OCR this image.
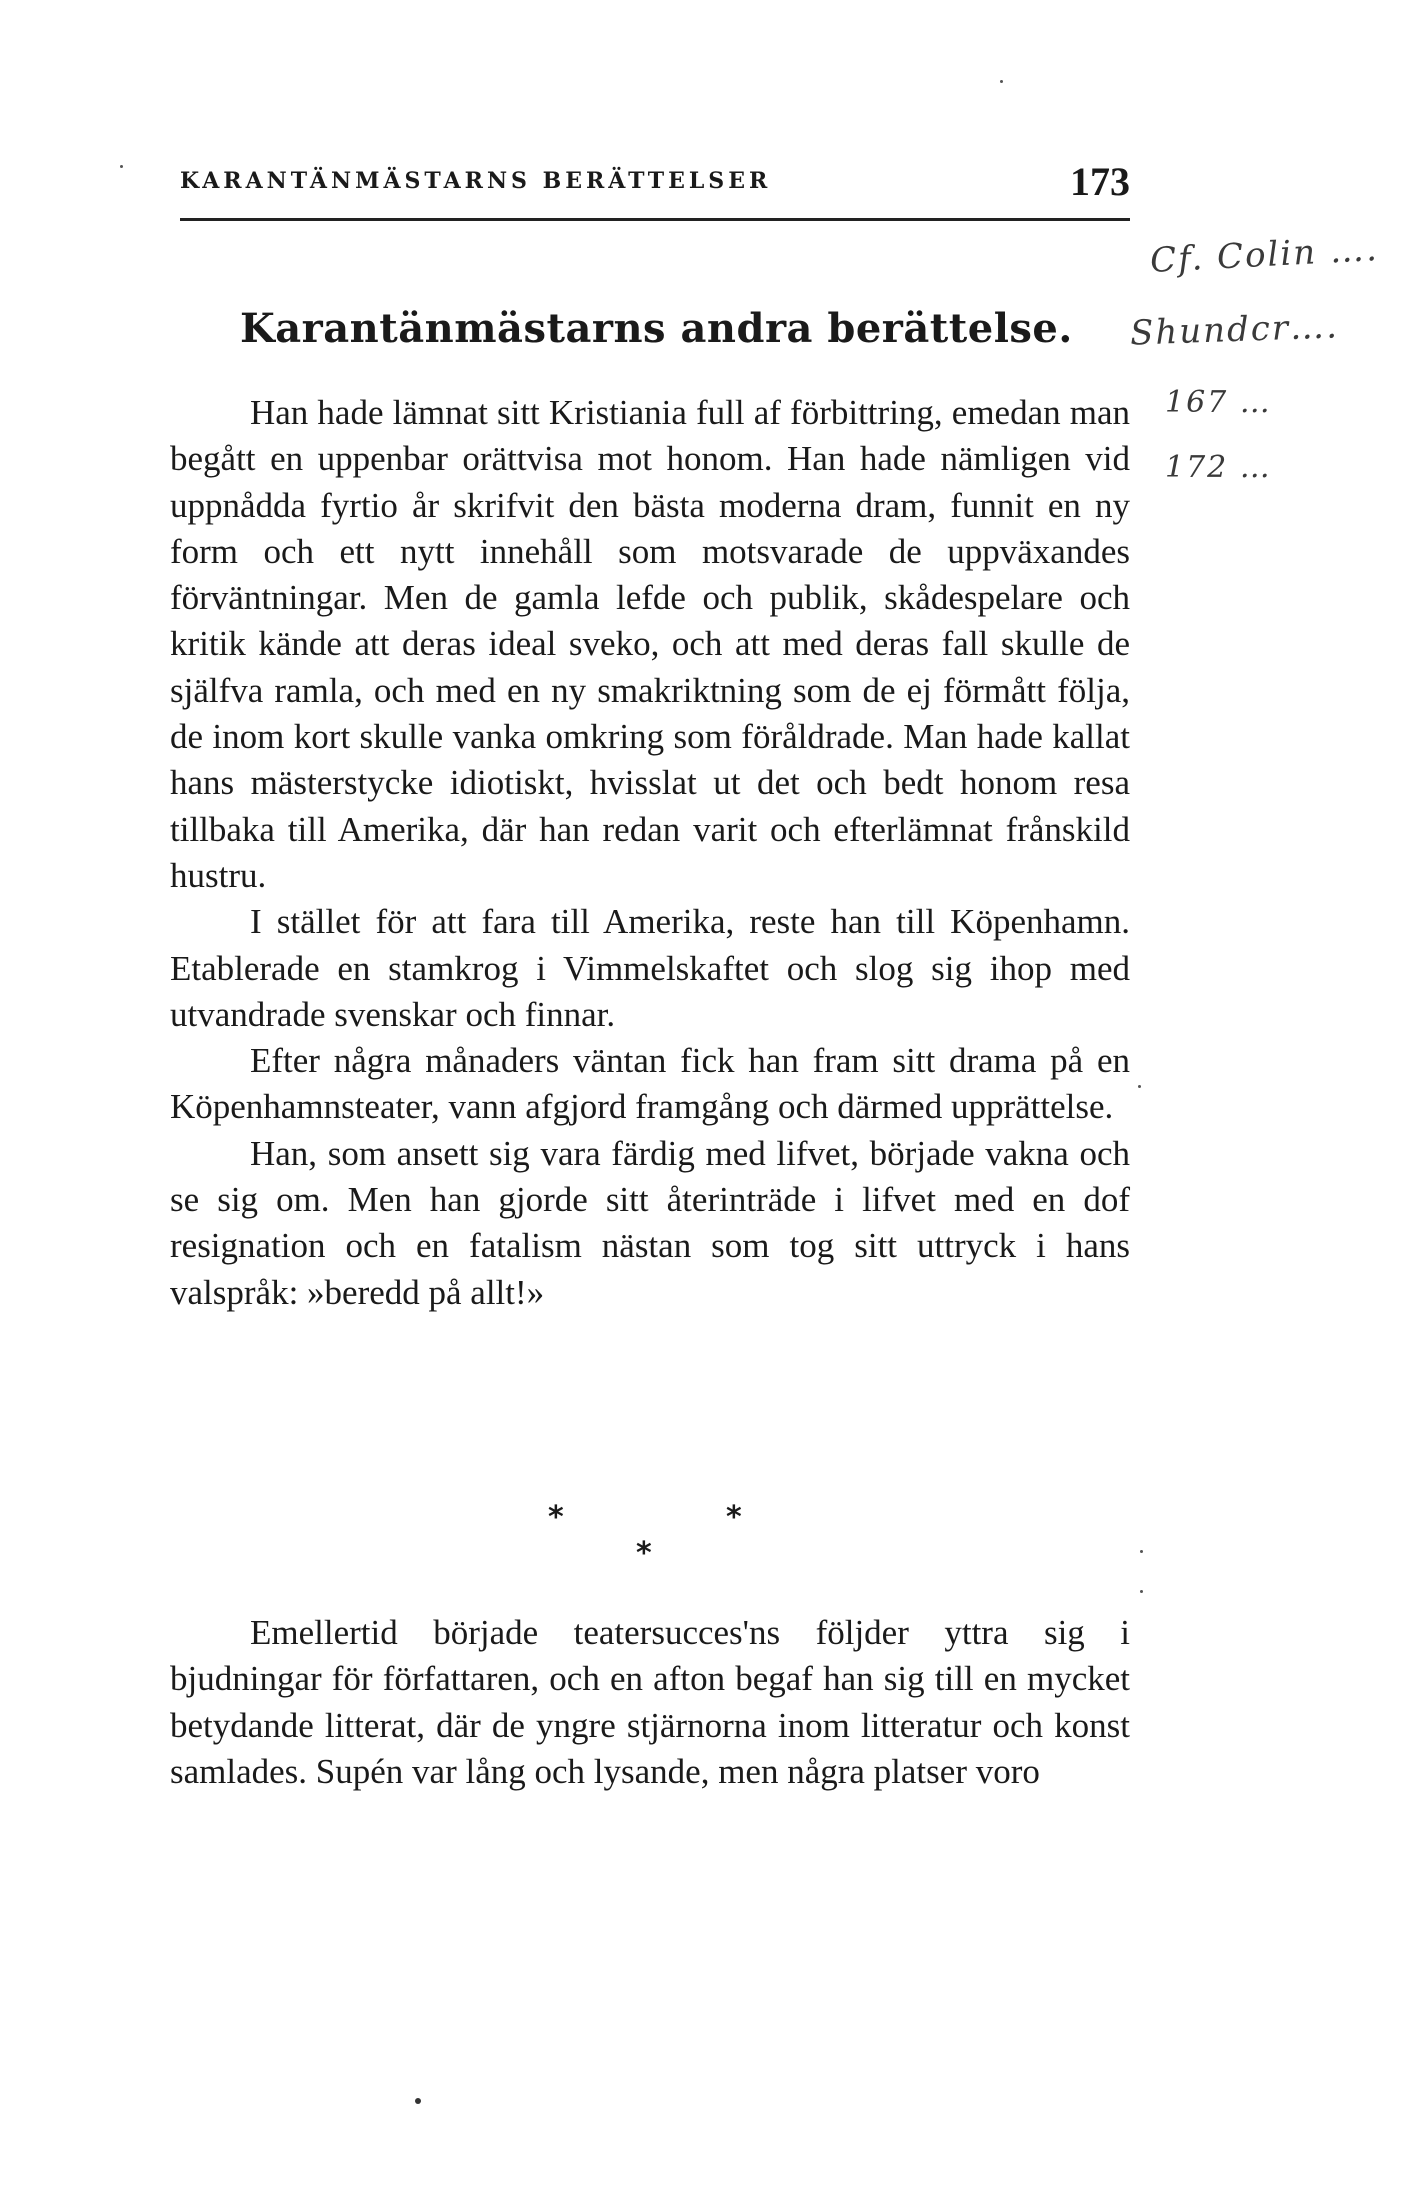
KARANTÄNMÄSTARNS BERÄTTELSER	173
Karantänmästarns andra berättelse.

Han hade lämnat sitt Kristiania full af förbittring, emedan man begått en uppenbar orättvisa mot honom. Han hade nämligen vid uppnådda fyrtio år skrifvit den bästa moderna dram, funnit en ny form och ett nytt innehåll som motsvarade de uppväxandes förväntningar. Men de gamla lefde och publik, skådespelare och kritik kände att deras ideal sveko, och att med deras fall skulle de själfva ramla, och med en ny smakriktning som de ej förmått följa, de inom kort skulle vanka omkring som föråldrade. Man hade kallat hans mästerstycke idiotiskt, hvisslat ut det och bedt honom resa tillbaka till Amerika, där han redan varit och efterlämnat frånskild hustru.

I stället för att fara till Amerika, reste han till Köpenhamn. Etablerade en stamkrog i Vimmelskaftet och slog sig ihop med utvandrade svenskar och finnar.

Efter några månaders väntan fick han fram sitt drama på en Köpenhamnsteater, vann afgjord framgång och därmed upprättelse.

Han, som ansett sig vara färdig med lifvet, började vakna och se sig om. Men han gjorde sitt återinträde i lifvet med en dof resignation och en fatalism nästan som tog sitt uttryck i hans valspråk: »beredd på allt!»

*	*
*

Emellertid började teatersucces'ns följder yttra sig i bjudningar för författaren, och en afton begaf han sig till en mycket betydande litterat, där de yngre stjärnorna inom litteratur och konst samlades. Supén var lång och lysande, men några platser voro

Cf. Colin ….
Shundcr….
167 …
172 …
